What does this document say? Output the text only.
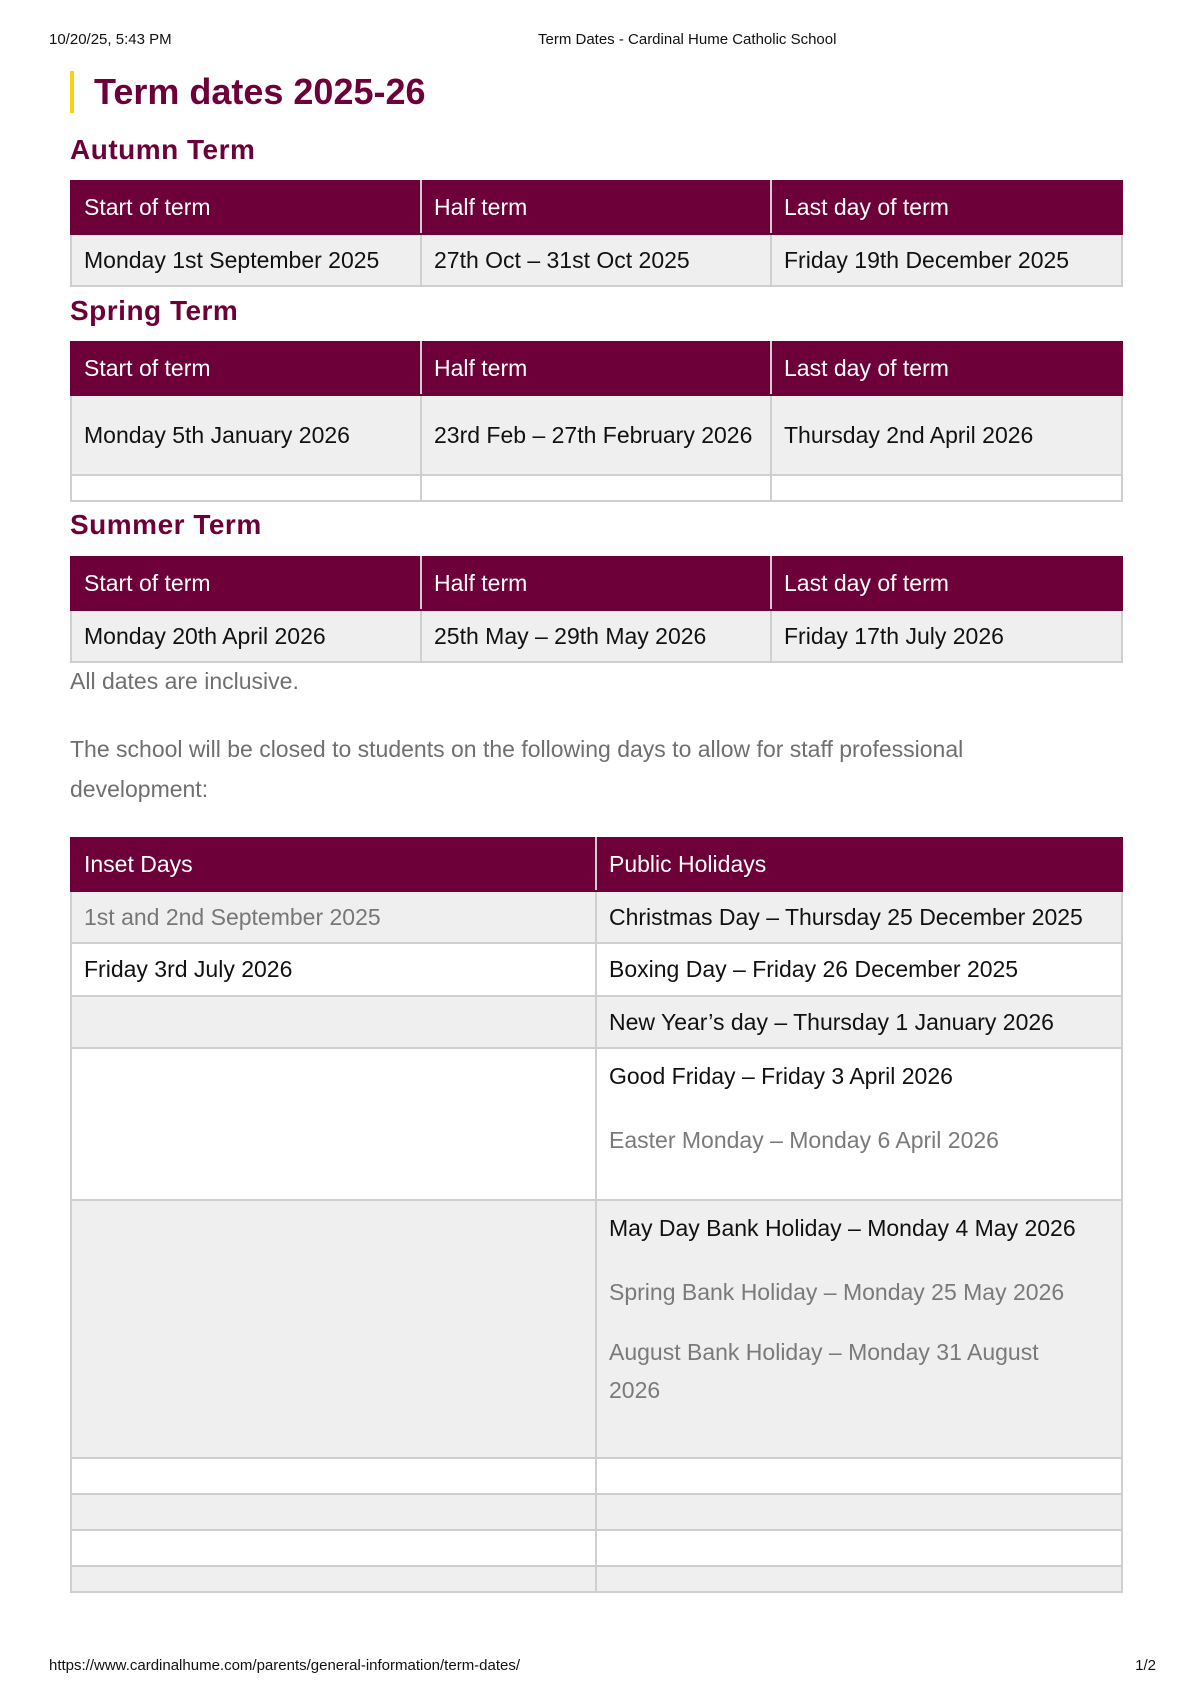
10/20/25, 5:43 PM	Term Dates - Cardinal Hume Catholic School
Term dates 2025-26
Autumn Term
Start of term	Half term	Last day of term
Monday 1st September 2025	27th Oct – 31st Oct 2025	Friday 19th December 2025
Spring Term
Start of term	Half term	Last day of term
Monday 5th January 2026	23rd Feb – 27th February 2026	Thursday 2nd April 2026

Summer Term
Start of term	Half term	Last day of term
Monday 20th April 2026	25th May – 29th May 2026	Friday 17th July 2026

All dates are inclusive.

The school will be closed to students on the following days to allow for staff professional development:

Inset Days	Public Holidays
1st and 2nd September 2025	Christmas Day – Thursday 25 December 2025
Friday 3rd July 2026	Boxing Day – Friday 26 December 2025
	New Year’s day – Thursday 1 January 2026

	Good Friday – Friday 3 April 2026
Easter Monday – Monday 6 April 2026

	May Day Bank Holiday – Monday 4 May 2026
Spring Bank Holiday – Monday 25 May 2026
August Bank Holiday – Monday 31 August 2026

https://www.cardinalhume.com/parents/general-information/term-dates/	1/2
